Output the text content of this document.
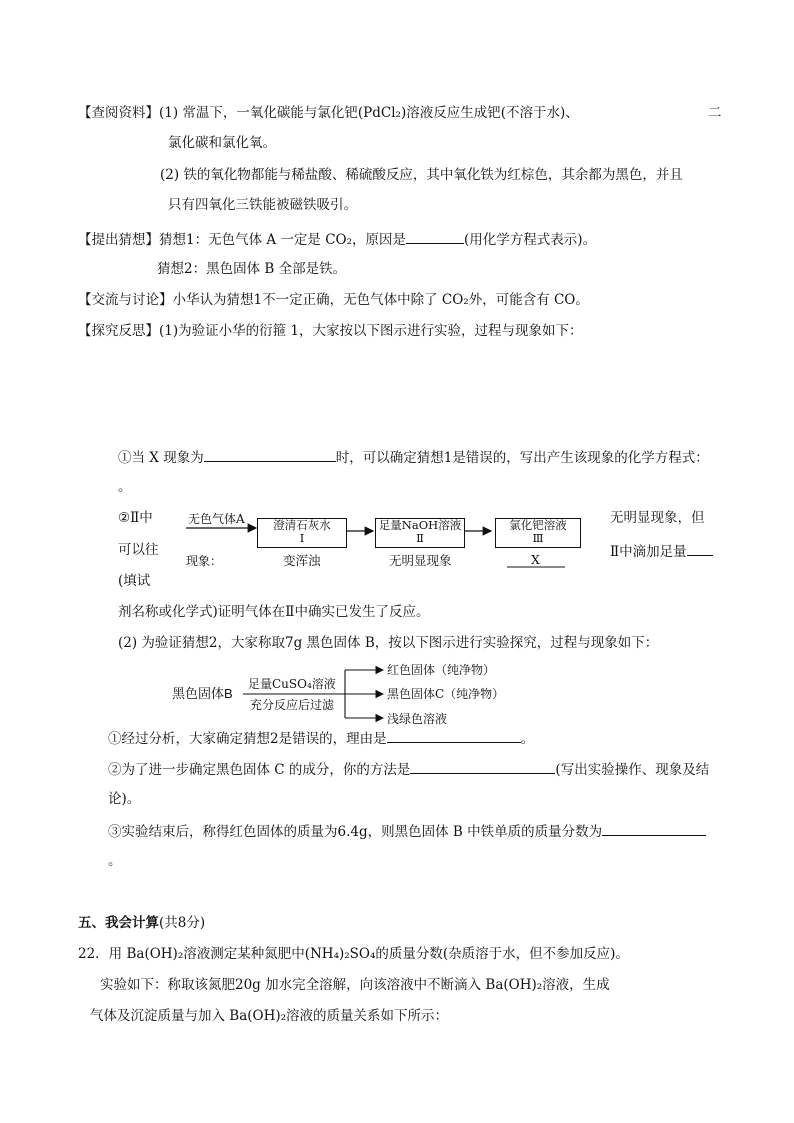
【查阅资料】(1) 常温下，一氧化碳能与氯化钯(PdCl₂)溶液反应生成钯(不溶于水)、	二
氯化碳和氯化氧。
(2) 铁的氧化物都能与稀盐酸、稀硫酸反应，其中氧化铁为红棕色，其余都为黑色，并且
只有四氧化三铁能被磁铁吸引。
【提出猜想】猜想1：无色气体 A 一定是 CO₂，原因是	(用化学方程式表示)。
猜想2：黑色固体 B 全部是铁。
【交流与讨论】小华认为猜想1不一定正确，无色气体中除了 CO₂外，可能含有 CO。
【探究反思】(1)为验证小华的衍箍 1，大家按以下图示进行实验，过程与现象如下：
①当 X 现象为	时，可以确定猜想1是错误的，写出产生该现象的化学方程式：
。
②Ⅱ中	无明显现象，但
可以往	Ⅱ中滴加足量
(填试
剂名称或化学式)证明气体在Ⅱ中确实已发生了反应。
无色气体A	澄清石灰水
Ⅰ
足量NaOH溶液
Ⅱ
氯化钯溶液
Ⅲ
现象：	变浑浊	无明显现象	X
(2) 为验证猜想2，大家称取7g 黑色固体 B，按以下图示进行实验探究，过程与现象如下：
黑色固体B
足量CuSO₄溶液
充分反应后过滤
红色固体（纯净物）
黑色固体C（纯净物）
浅绿色溶液
①经过分析，大家确定猜想2是错误的，理由是	。
②为了进一步确定黑色固体 C 的成分，你的方法是	(写出实验操作、现象及结
论)。
③实验结束后，称得红色固体的质量为6.4g，则黑色固体 B 中铁单质的质量分数为
。
五、我会计算(共8分)
22．用 Ba(OH)₂溶液测定某种氮肥中(NH₄)₂SO₄的质量分数(杂质溶于水，但不参加反应)。
实验如下：称取该氮肥20g 加水完全溶解，向该溶液中不断滴入 Ba(OH)₂溶液，生成
气体及沉淀质量与加入 Ba(OH)₂溶液的质量关系如下所示：
